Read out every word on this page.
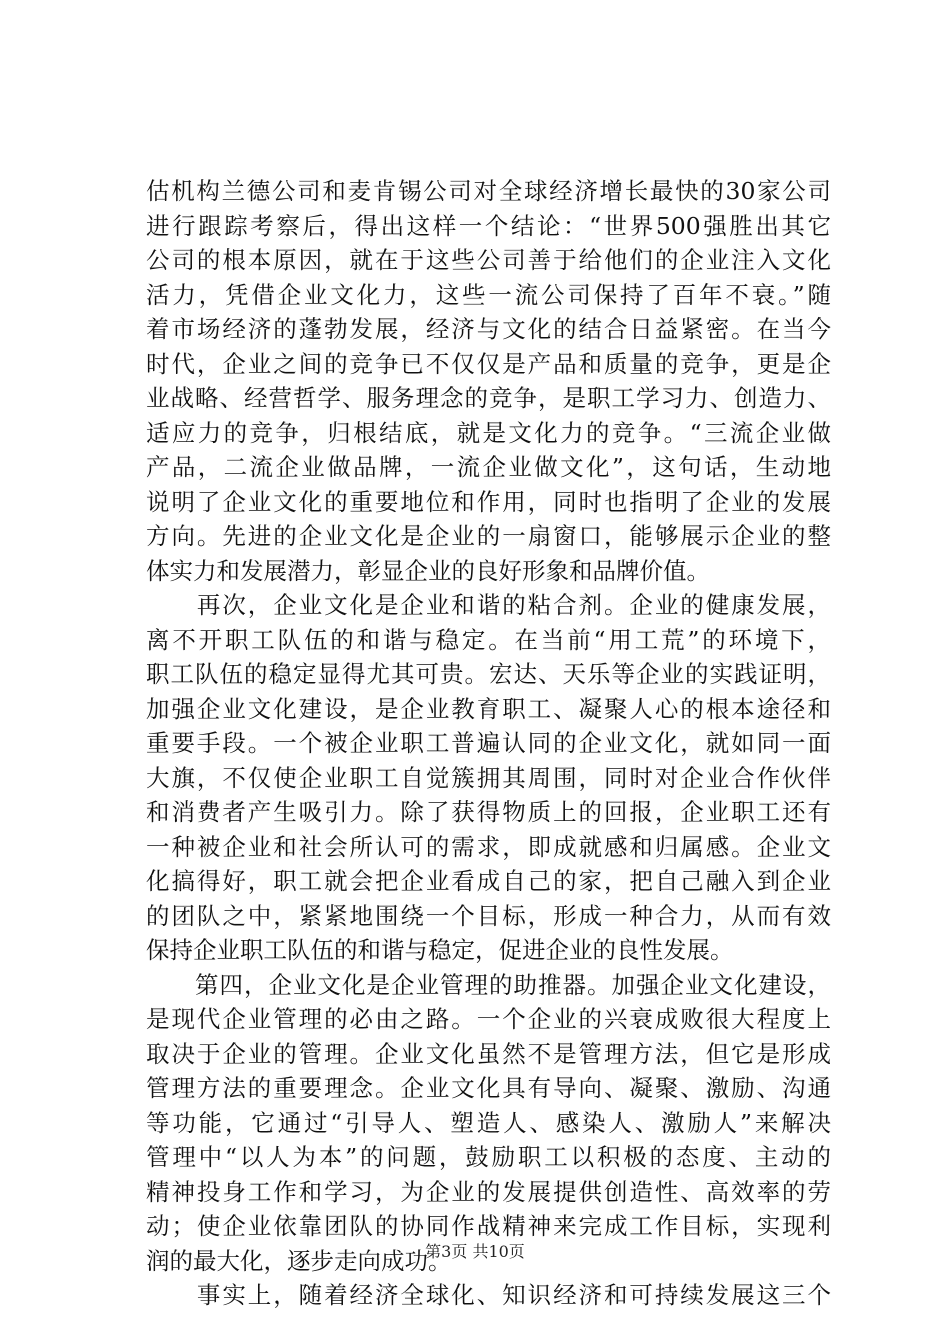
估机构兰德公司和麦肯锡公司对全球经济增长最快的30家公司
进行跟踪考察后，得出这样一个结论：“世界500强胜出其它
公司的根本原因，就在于这些公司善于给他们的企业注入文化
活力，凭借企业文化力，这些一流公司保持了百年不衰。”随
着市场经济的蓬勃发展，经济与文化的结合日益紧密。在当今
时代，企业之间的竞争已不仅仅是产品和质量的竞争，更是企
业战略、经营哲学、服务理念的竞争，是职工学习力、创造力、
适应力的竞争，归根结底，就是文化力的竞争。“三流企业做
产品，二流企业做品牌，一流企业做文化”，这句话，生动地
说明了企业文化的重要地位和作用，同时也指明了企业的发展
方向。先进的企业文化是企业的一扇窗口，能够展示企业的整
体实力和发展潜力，彰显企业的良好形象和品牌价值。
　　再次，企业文化是企业和谐的粘合剂。企业的健康发展，
离不开职工队伍的和谐与稳定。在当前“用工荒”的环境下，
职工队伍的稳定显得尤其可贵。宏达、天乐等企业的实践证明，
加强企业文化建设，是企业教育职工、凝聚人心的根本途径和
重要手段。一个被企业职工普遍认同的企业文化，就如同一面
大旗，不仅使企业职工自觉簇拥其周围，同时对企业合作伙伴
和消费者产生吸引力。除了获得物质上的回报，企业职工还有
一种被企业和社会所认可的需求，即成就感和归属感。企业文
化搞得好，职工就会把企业看成自己的家，把自己融入到企业
的团队之中，紧紧地围绕一个目标，形成一种合力，从而有效
保持企业职工队伍的和谐与稳定，促进企业的良性发展。
　　第四，企业文化是企业管理的助推器。加强企业文化建设，
是现代企业管理的必由之路。一个企业的兴衰成败很大程度上
取决于企业的管理。企业文化虽然不是管理方法，但它是形成
管理方法的重要理念。企业文化具有导向、凝聚、激励、沟通
等功能，它通过“引导人、塑造人、感染人、激励人”来解决
管理中“以人为本”的问题，鼓励职工以积极的态度、主动的
精神投身工作和学习，为企业的发展提供创造性、高效率的劳
动；使企业依靠团队的协同作战精神来完成工作目标，实现利
润的最大化，逐步走向成功。
　　事实上，随着经济全球化、知识经济和可持续发展这三个
第3页 共10页
